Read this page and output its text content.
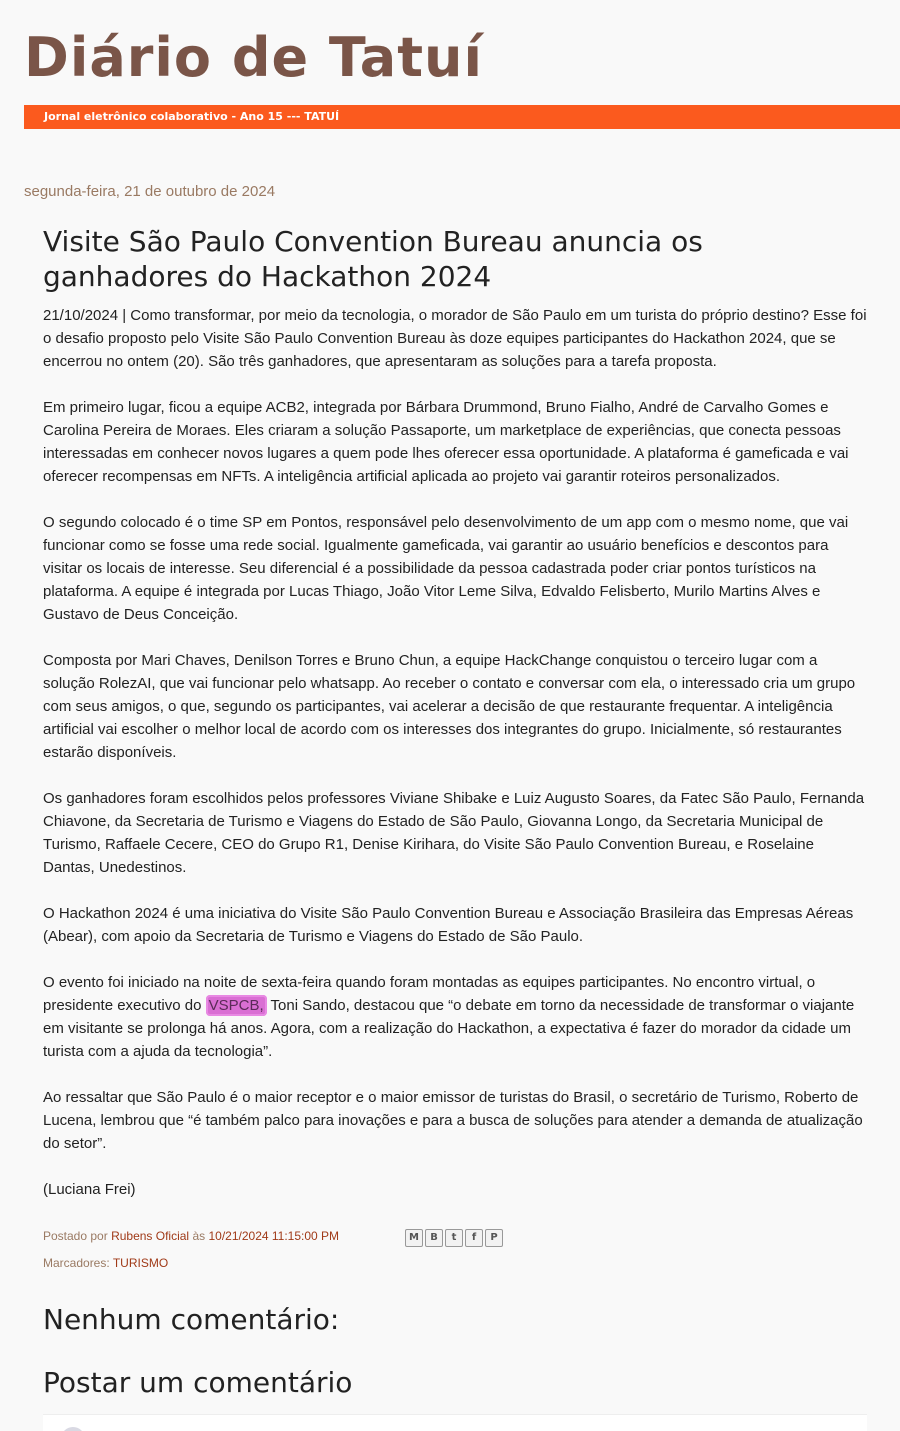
Diário de Tatuí
Jornal eletrônico colaborativo - Ano 15 --- TATUÍ
segunda-feira, 21 de outubro de 2024
Visite São Paulo Convention Bureau anuncia os ganhadores do Hackathon 2024

21/10/2024 | Como transformar, por meio da tecnologia, o morador de São Paulo em um turista do próprio destino? Esse foi o desafio proposto pelo Visite São Paulo Convention Bureau às doze equipes participantes do Hackathon 2024, que se encerrou no ontem (20). São três ganhadores, que apresentaram as soluções para a tarefa proposta.

Em primeiro lugar, ficou a equipe ACB2, integrada por Bárbara Drummond, Bruno Fialho, André de Carvalho Gomes e Carolina Pereira de Moraes. Eles criaram a solução Passaporte, um marketplace de experiências, que conecta pessoas interessadas em conhecer novos lugares a quem pode lhes oferecer essa oportunidade. A plataforma é gameficada e vai oferecer recompensas em NFTs. A inteligência artificial aplicada ao projeto vai garantir roteiros personalizados.

O segundo colocado é o time SP em Pontos, responsável pelo desenvolvimento de um app com o mesmo nome, que vai funcionar como se fosse uma rede social. Igualmente gameficada, vai garantir ao usuário benefícios e descontos para visitar os locais de interesse. Seu diferencial é a possibilidade da pessoa cadastrada poder criar pontos turísticos na plataforma. A equipe é integrada por Lucas Thiago, João Vitor Leme Silva, Edvaldo Felisberto, Murilo Martins Alves e Gustavo de Deus Conceição.

Composta por Mari Chaves, Denilson Torres e Bruno Chun, a equipe HackChange conquistou o terceiro lugar com a solução RolezAI, que vai funcionar pelo whatsapp. Ao receber o contato e conversar com ela, o interessado cria um grupo com seus amigos, o que, segundo os participantes, vai acelerar a decisão de que restaurante frequentar. A inteligência artificial vai escolher o melhor local de acordo com os interesses dos integrantes do grupo. Inicialmente, só restaurantes estarão disponíveis.

Os ganhadores foram escolhidos pelos professores Viviane Shibake e Luiz Augusto Soares, da Fatec São Paulo, Fernanda Chiavone, da Secretaria de Turismo e Viagens do Estado de São Paulo, Giovanna Longo, da Secretaria Municipal de Turismo, Raffaele Cecere, CEO do Grupo R1, Denise Kirihara, do Visite São Paulo Convention Bureau, e Roselaine Dantas, Unedestinos.

O Hackathon 2024 é uma iniciativa do Visite São Paulo Convention Bureau e Associação Brasileira das Empresas Aéreas (Abear), com apoio da Secretaria de Turismo e Viagens do Estado de São Paulo.

O evento foi iniciado na noite de sexta-feira quando foram montadas as equipes participantes. No encontro virtual, o presidente executivo do VSPCB, Toni Sando, destacou que “o debate em torno da necessidade de transformar o viajante em visitante se prolonga há anos. Agora, com a realização do Hackathon, a expectativa é fazer do morador da cidade um turista com a ajuda da tecnologia”.

Ao ressaltar que São Paulo é o maior receptor e o maior emissor de turistas do Brasil, o secretário de Turismo, Roberto de Lucena, lembrou que “é também palco para inovações e para a busca de soluções para atender a demanda de atualização do setor”.

(Luciana Frei)

Postado por Rubens Oficial às 10/21/2024 11:15:00 PM	M	B	t	f	P
Marcadores: TURISMO
Nenhum comentário:
Postar um comentário
